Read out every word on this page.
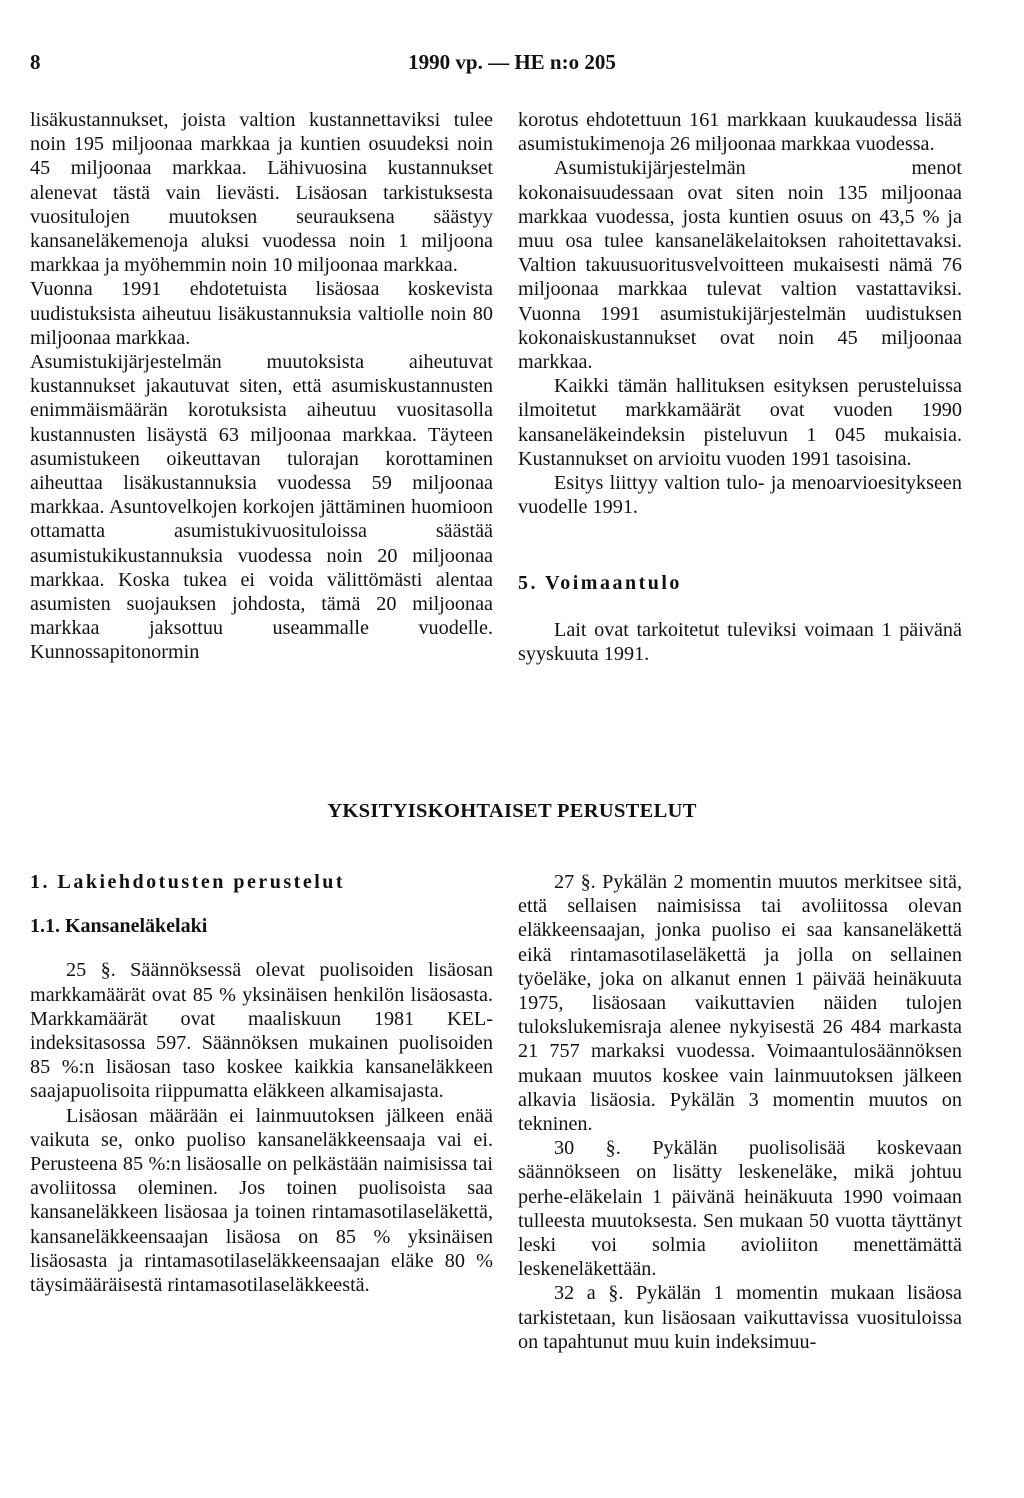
8	1990 vp. — HE n:o 205

lisäkustannukset, joista valtion kustannettaviksi tulee noin 195 miljoonaa markkaa ja kuntien osuudeksi noin 45 miljoonaa markkaa. Lähivuosina kustannukset alenevat tästä vain lievästi. Lisäosan tarkistuksesta vuositulojen muutoksen seurauksena säästyy kansaneläkemenoja aluksi vuodessa noin 1 miljoona markkaa ja myöhemmin noin 10 miljoonaa markkaa.

Vuonna 1991 ehdotetuista lisäosaa koskevista uudistuksista aiheutuu lisäkustannuksia valtiolle noin 80 miljoonaa markkaa.

Asumistukijärjestelmän muutoksista aiheutuvat kustannukset jakautuvat siten, että asumiskustannusten enimmäismäärän korotuksista aiheutuu vuositasolla kustannusten lisäystä 63 miljoonaa markkaa. Täyteen asumistukeen oikeuttavan tulorajan korottaminen aiheuttaa lisäkustannuksia vuodessa 59 miljoonaa markkaa. Asuntovelkojen korkojen jättäminen huomioon ottamatta asumistukivuosituloissa säästää asumistukikustannuksia vuodessa noin 20 miljoonaa markkaa. Koska tukea ei voida välittömästi alentaa asumisten suojauksen johdosta, tämä 20 miljoonaa markkaa jaksottuu useammalle vuodelle. Kunnossapitonormin

korotus ehdotettuun 161 markkaan kuukaudessa lisää asumistukimenoja 26 miljoonaa markkaa vuodessa.

Asumistukijärjestelmän menot kokonaisuudessaan ovat siten noin 135 miljoonaa markkaa vuodessa, josta kuntien osuus on 43,5 % ja muu osa tulee kansaneläkelaitoksen rahoitettavaksi. Valtion takuusuoritusvelvoitteen mukaisesti nämä 76 miljoonaa markkaa tulevat valtion vastattaviksi. Vuonna 1991 asumistukijärjestelmän uudistuksen kokonaiskustannukset ovat noin 45 miljoonaa markkaa.

Kaikki tämän hallituksen esityksen perusteluissa ilmoitetut markkamäärät ovat vuoden 1990 kansaneläkeindeksin pisteluvun 1 045 mukaisia. Kustannukset on arvioitu vuoden 1991 tasoisina.

Esitys liittyy valtion tulo- ja menoarvioesitykseen vuodelle 1991.

5. Voimaantulo

Lait ovat tarkoitetut tuleviksi voimaan 1 päivänä syyskuuta 1991.

YKSITYISKOHTAISET PERUSTELUT
1. Lakiehdotusten perustelut
1.1. Kansaneläkelaki

25 §. Säännöksessä olevat puolisoiden lisäosan markkamäärät ovat 85 % yksinäisen henkilön lisäosasta. Markkamäärät ovat maaliskuun 1981 KEL-indeksitasossa 597. Säännöksen mukainen puolisoiden 85 %:n lisäosan taso koskee kaikkia kansaneläkkeen saajapuolisoita riippumatta eläkkeen alkamisajasta.

Lisäosan määrään ei lainmuutoksen jälkeen enää vaikuta se, onko puoliso kansaneläkkeensaaja vai ei. Perusteena 85 %:n lisäosalle on pelkästään naimisissa tai avoliitossa oleminen. Jos toinen puolisoista saa kansaneläkkeen lisäosaa ja toinen rintamasotilaseläkettä, kansaneläkkeensaajan lisäosa on 85 % yksinäisen lisäosasta ja rintamasotilaseläkkeensaajan eläke 80 % täysimääräisestä rintamasotilaseläkkeestä.

27 §. Pykälän 2 momentin muutos merkitsee sitä, että sellaisen naimisissa tai avoliitossa olevan eläkkeensaajan, jonka puoliso ei saa kansaneläkettä eikä rintamasotilaseläkettä ja jolla on sellainen työeläke, joka on alkanut ennen 1 päivää heinäkuuta 1975, lisäosaan vaikuttavien näiden tulojen tulokslukemisraja alenee nykyisestä 26 484 markasta 21 757 markaksi vuodessa. Voimaantulosäännöksen mukaan muutos koskee vain lainmuutoksen jälkeen alkavia lisäosia. Pykälän 3 momentin muutos on tekninen.

30 §. Pykälän puolisolisää koskevaan säännökseen on lisätty leskeneläke, mikä johtuu perhe-eläkelain 1 päivänä heinäkuuta 1990 voimaan tulleesta muutoksesta. Sen mukaan 50 vuotta täyttänyt leski voi solmia avioliiton menettämättä leskeneläkettään.

32 a §. Pykälän 1 momentin mukaan lisäosa tarkistetaan, kun lisäosaan vaikuttavissa vuosituloissa on tapahtunut muu kuin indeksimuu-
